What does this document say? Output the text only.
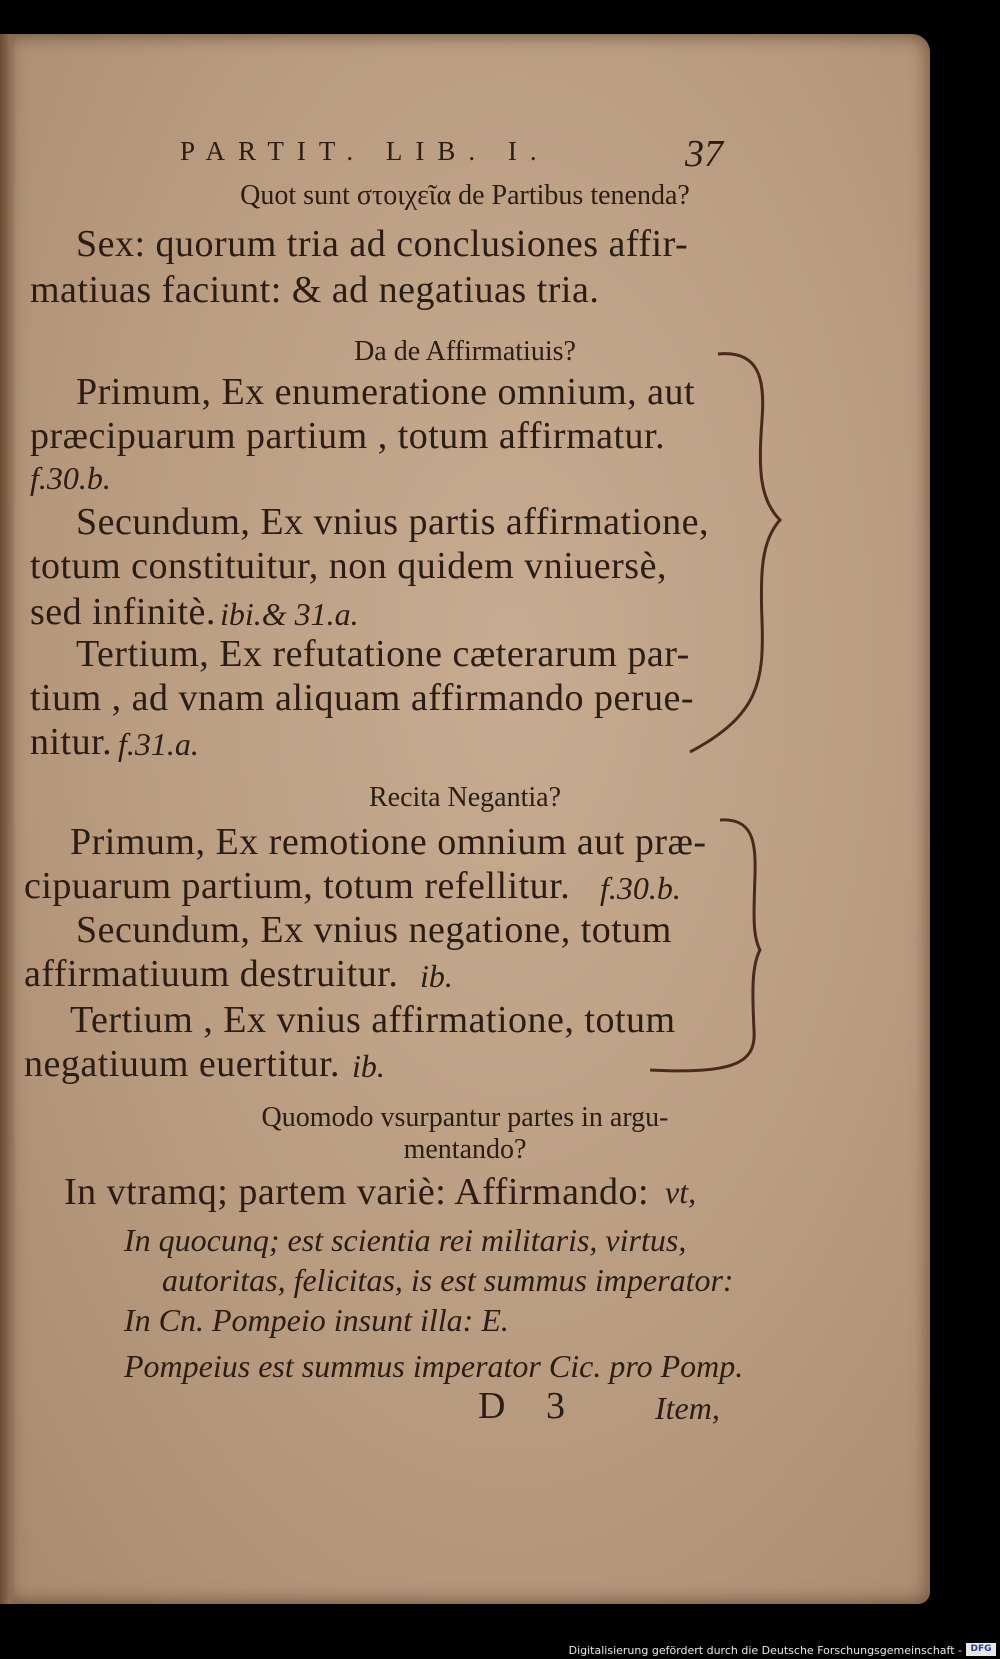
PARTIT. LIB. I.	37
Quot sunt στοιχεῖα de Partibus tenenda?
Sex: quorum tria ad conclusiones affir-
matiuas faciunt: & ad negatiuas tria.
Da de Affirmatiuis?
Primum, Ex enumeratione omnium, aut
præcipuarum partium , totum affirmatur.
f.30.b.
Secundum, Ex vnius partis affirmatione,
totum constituitur, non quidem vniuersè,
sed infinitè. ibi.& 31.a.
Tertium, Ex refutatione cæterarum par-
tium , ad vnam aliquam affirmando perue-
nitur. f.31.a.
Recita Negantia?
Primum, Ex remotione omnium aut præ-
cipuarum partium, totum refellitur. f.30.b.
Secundum, Ex vnius negatione, totum
affirmatiuum destruitur. ib.
Tertium , Ex vnius affirmatione, totum
negatiuum euertitur. ib.
Quomodo vsurpantur partes in argu-
mentando?
In vtramq; partem variè: Affirmando: vt,
In quocunq; est scientia rei militaris, virtus,
autoritas, felicitas, is est summus imperator:
In Cn. Pompeio insunt illa: E.
Pompeius est summus imperator Cic. pro Pomp.
D 3	Item,
Digitalisierung gefördert durch die Deutsche Forschungsgemeinschaft - DFG
